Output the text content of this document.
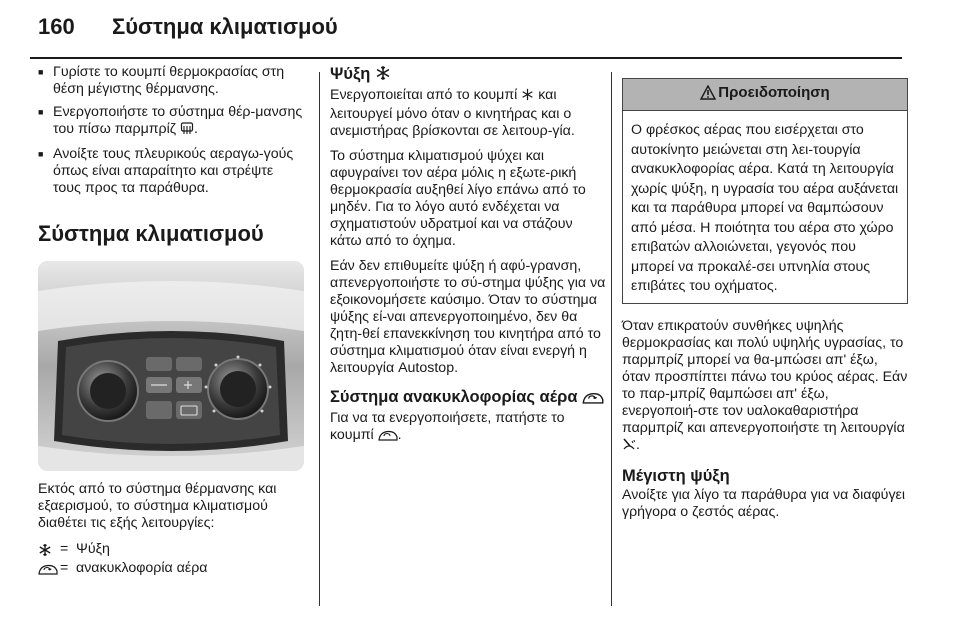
160 Σύστημα κλιματισμού
■ Γυρίστε το κουμπί θερμοκρασίας στη θέση μέγιστης θέρμανσης.
■ Ενεργοποιήστε το σύστημα θέρ-μανσης του πίσω παρμπρίζ .
■ Ανοίξτε τους πλευρικούς αεραγω-γούς όπως είναι απαραίτητο και στρέψτε τους προς τα παράθυρα.
Σύστημα κλιματισμού

Εκτός από το σύστημα θέρμανσης και εξαερισμού, το σύστημα κλιματισμού διαθέτει τις εξής λειτουργίες:

= Ψύξη
= ανακυκλοφορία αέρα
Ψύξη

Ενεργοποιείται από το κουμπί και λειτουργεί μόνο όταν ο κινητήρας και ο ανεμιστήρας βρίσκονται σε λειτουρ-γία.

Το σύστημα κλιματισμού ψύχει και αφυγραίνει τον αέρα μόλις η εξωτε-ρική θερμοκρασία αυξηθεί λίγο επάνω από το μηδέν. Για το λόγο αυτό ενδέχεται να σχηματιστούν υδρατμοί και να στάζουν κάτω από το όχημα.

Εάν δεν επιθυμείτε ψύξη ή αφύ-γρανση, απενεργοποιήστε το σύ-στημα ψύξης για να εξοικονομήσετε καύσιμο. Όταν το σύστημα ψύξης εί-ναι απενεργοποιημένο, δεν θα ζητη-θεί επανεκκίνηση του κινητήρα από το σύστημα κλιματισμού όταν είναι ενεργή η λειτουργία Autostop.

Σύστημα ανακυκλοφορίας αέρα

Για να τα ενεργοποιήσετε, πατήστε το κουμπί .

Προειδοποίηση
Ο φρέσκος αέρας που εισέρχεται στο αυτοκίνητο μειώνεται στη λει-τουργία ανακυκλοφορίας αέρα. Κατά τη λειτουργία χωρίς ψύξη, η υγρασία του αέρα αυξάνεται και τα παράθυρα μπορεί να θαμπώσουν από μέσα. Η ποιότητα του αέρα στο χώρο επιβατών αλλοιώνεται, γεγονός που μπορεί να προκαλέ-σει υπνηλία στους επιβάτες του οχήματος.

Όταν επικρατούν συνθήκες υψηλής θερμοκρασίας και πολύ υψηλής υγρασίας, το παρμπρίζ μπορεί να θα-μπώσει απ' έξω, όταν προσπίπτει πάνω του κρύος αέρας. Εάν το παρ-μπρίζ θαμπώσει απ' έξω, ενεργοποιή-στε τον υαλοκαθαριστήρα παρμπρίζ και απενεργοποιήστε τη λειτουργία .

Μέγιστη ψύξη

Ανοίξτε για λίγο τα παράθυρα για να διαφύγει γρήγορα ο ζεστός αέρας.
